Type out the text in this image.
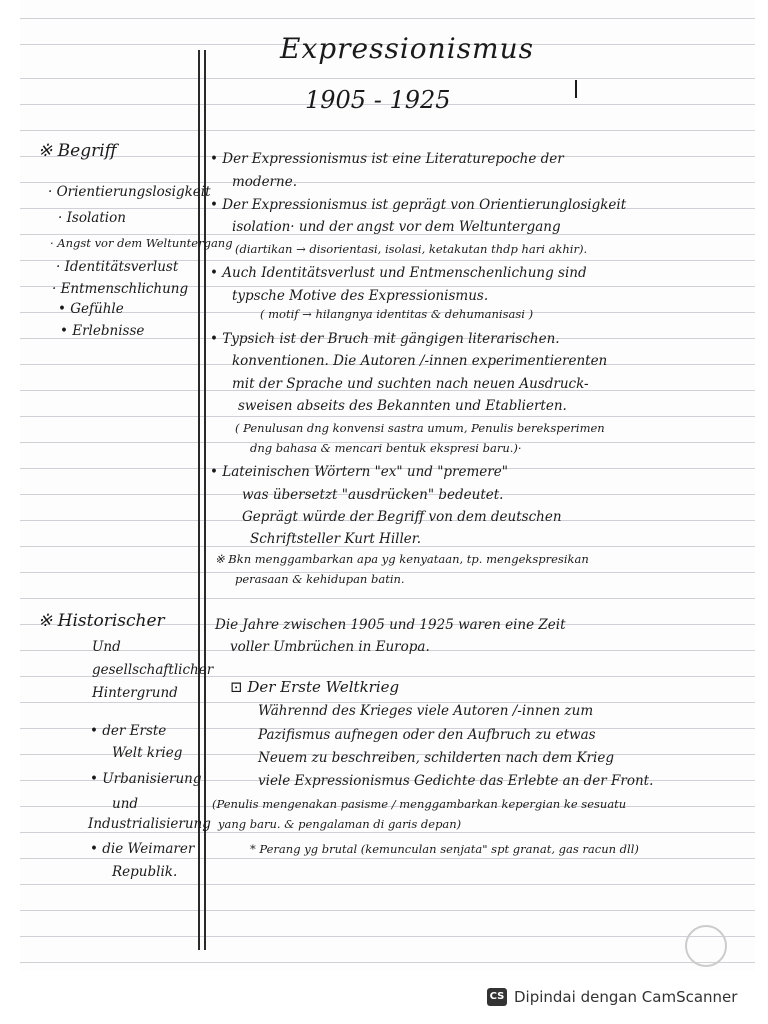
Expressionismus
1905 - 1925
※ Begriff
· Orientierungslosigkeit
· Isolation
· Angst vor dem Weltuntergang
· Identitätsverlust
· Entmenschlichung
• Gefühle
• Erlebnisse
• Der Expressionismus ist eine Literaturepoche der
moderne.
• Der Expressionismus ist geprägt von Orientierunglosigkeit
isolation· und der angst vor dem Weltuntergang
(diartikan → disorientasi, isolasi, ketakutan thdp hari akhir).
• Auch Identitätsverlust und Entmenschenlichung sind
typsche Motive des Expressionismus.
( motif → hilangnya identitas & dehumanisasi )
• Typsich ist der Bruch mit gängigen literarischen.
konventionen. Die Autoren /-innen experimentierenten
mit der Sprache und suchten nach neuen Ausdruck-
sweisen abseits des Bekannten und Etablierten.
( Penulusan dng konvensi sastra umum, Penulis bereksperimen
dng bahasa & mencari bentuk ekspresi baru.)·
• Lateinischen Wörtern "ex" und "premere"
was übersetzt "ausdrücken" bedeutet.
Geprägt würde der Begriff von dem deutschen
Schriftsteller Kurt Hiller.
※ Bkn menggambarkan apa yg kenyataan, tp. mengekspresikan
perasaan & kehidupan batin.
※ Historischer
Und
gesellschaftlicher
Hintergrund
• der Erste
Welt krieg
• Urbanisierung
und
Industrialisierung
• die Weimarer
Republik.
Die Jahre zwischen 1905 und 1925 waren eine Zeit
voller Umbrüchen in Europa.
⊡ Der Erste Weltkrieg
Währennd des Krieges viele Autoren /-innen zum
Pazifismus aufnegen oder den Aufbruch zu etwas
Neuem zu beschreiben, schilderten nach dem Krieg
viele Expressionismus Gedichte das Erlebte an der Front.
(Penulis mengenakan pasisme / menggambarkan kepergian ke sesuatu
yang baru. & pengalaman di garis depan)
* Perang yg brutal (kemunculan senjata" spt granat, gas racun dll)
CS Dipindai dengan CamScanner
